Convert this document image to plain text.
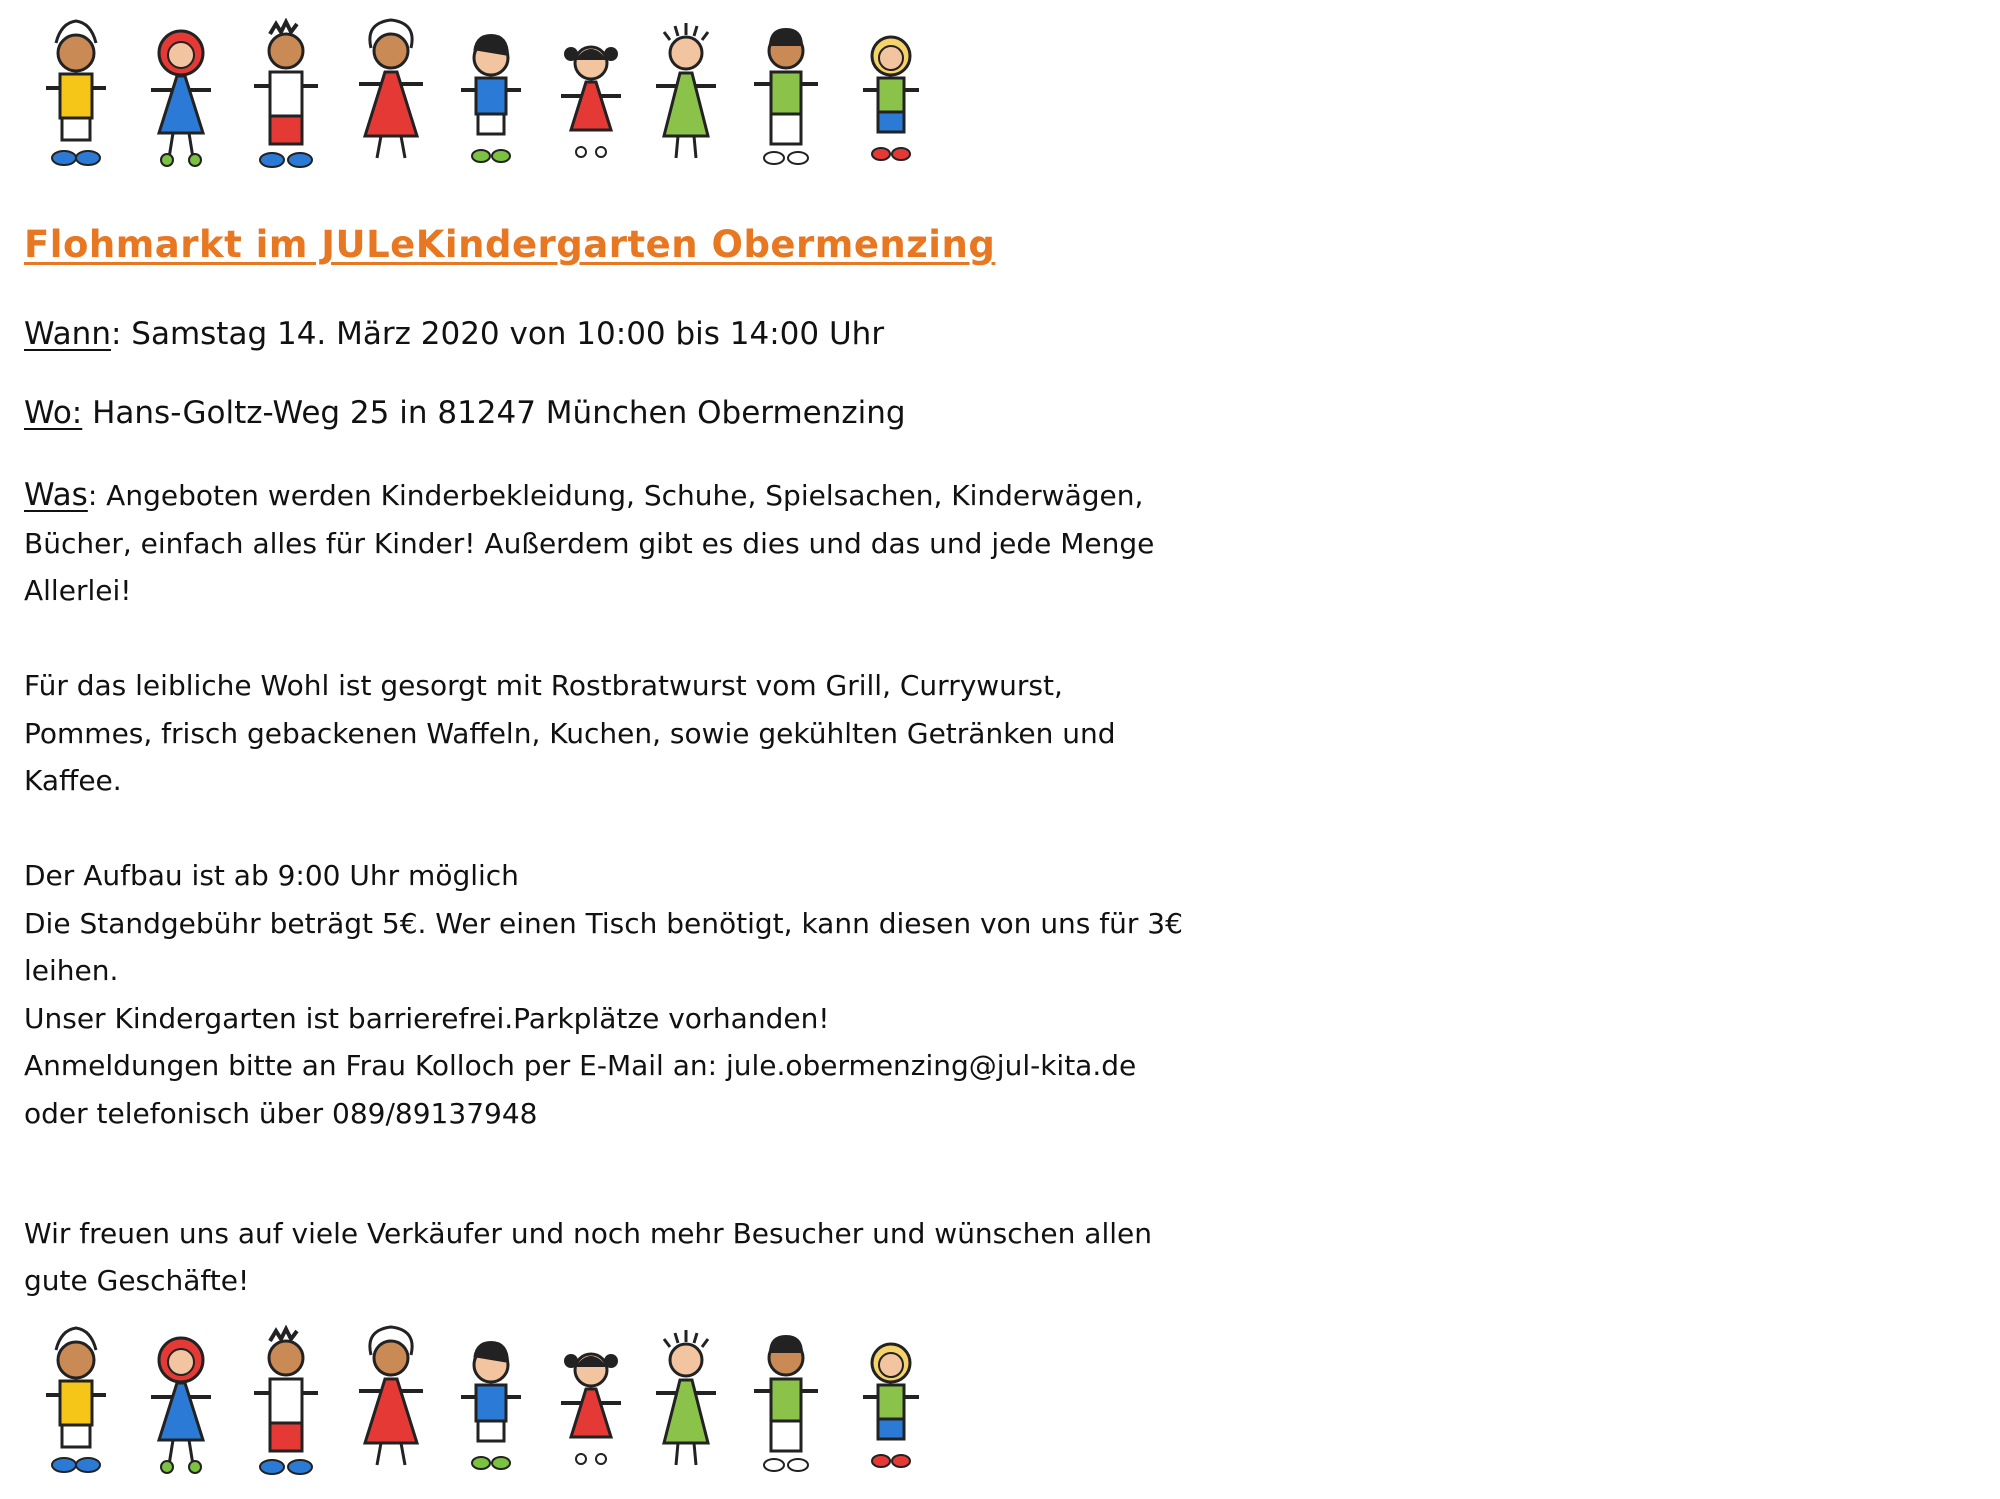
Flohmarkt im JULeKindergarten Obermenzing

Wann: Samstag 14. März 2020 von 10:00 bis 14:00 Uhr

Wo: Hans-Goltz-Weg 25 in 81247 München Obermenzing

Was: Angeboten werden Kinderbekleidung, Schuhe, Spielsachen, Kinderwägen,

Bücher, einfach alles für Kinder! Außerdem gibt es dies und das und jede Menge

Allerlei!

Für das leibliche Wohl ist gesorgt mit Rostbratwurst vom Grill, Currywurst,

Pommes, frisch gebackenen Waffeln, Kuchen, sowie gekühlten Getränken und

Kaffee.

Der Aufbau ist ab 9:00 Uhr möglich

Die Standgebühr beträgt 5€. Wer einen Tisch benötigt, kann diesen von uns für 3€

leihen.

Unser Kindergarten ist barrierefrei.Parkplätze vorhanden!

Anmeldungen bitte an Frau Kolloch per E-Mail an: jule.obermenzing@jul-kita.de

oder telefonisch über 089/89137948

Wir freuen uns auf viele Verkäufer und noch mehr Besucher und wünschen allen

gute Geschäfte!
